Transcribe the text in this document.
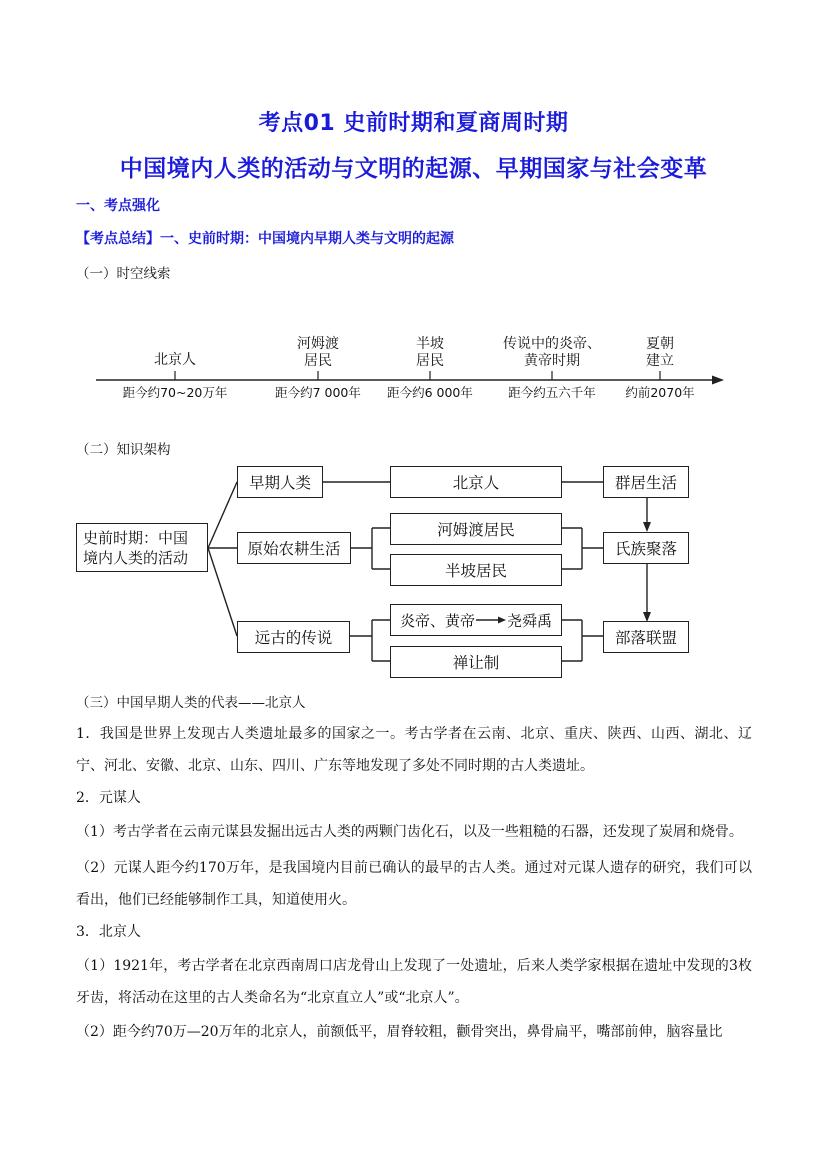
考点01 史前时期和夏商周时期
中国境内人类的活动与文明的起源、早期国家与社会变革
一、考点强化
【考点总结】一、史前时期：中国境内早期人类与文明的起源
（一）时空线索
北京人
河姆渡
居民
半坡
居民
传说中的炎帝、
黄帝时期
夏朝
建立
距今约70~20万年	距今约7 000年	距今约6 000年	距今约五六千年	约前2070年
（二）知识架构
史前时期：中国
境内人类的活动
早期人类
原始农耕生活
远古的传说
北京人
河姆渡居民
半坡居民
炎帝、黄帝 尧舜禹
禅让制
群居生活
氏族聚落
部落联盟
（三）中国早期人类的代表——北京人
1．我国是世界上发现古人类遗址最多的国家之一。考古学者在云南、北京、重庆、陕西、山西、湖北、辽宁、河北、安徽、北京、山东、四川、广东等地发现了多处不同时期的古人类遗址。
2．元谋人
（1）考古学者在云南元谋县发掘出远古人类的两颗门齿化石，以及一些粗糙的石器，还发现了炭屑和烧骨。
（2）元谋人距今约170万年，是我国境内目前已确认的最早的古人类。通过对元谋人遗存的研究，我们可以看出，他们已经能够制作工具，知道使用火。
3．北京人
（1）1921年，考古学者在北京西南周口店龙骨山上发现了一处遗址，后来人类学家根据在遗址中发现的3枚牙齿，将活动在这里的古人类命名为“北京直立人”或“北京人”。
（2）距今约70万—20万年的北京人，前额低平，眉脊较粗，颧骨突出，鼻骨扁平，嘴部前伸，脑容量比
